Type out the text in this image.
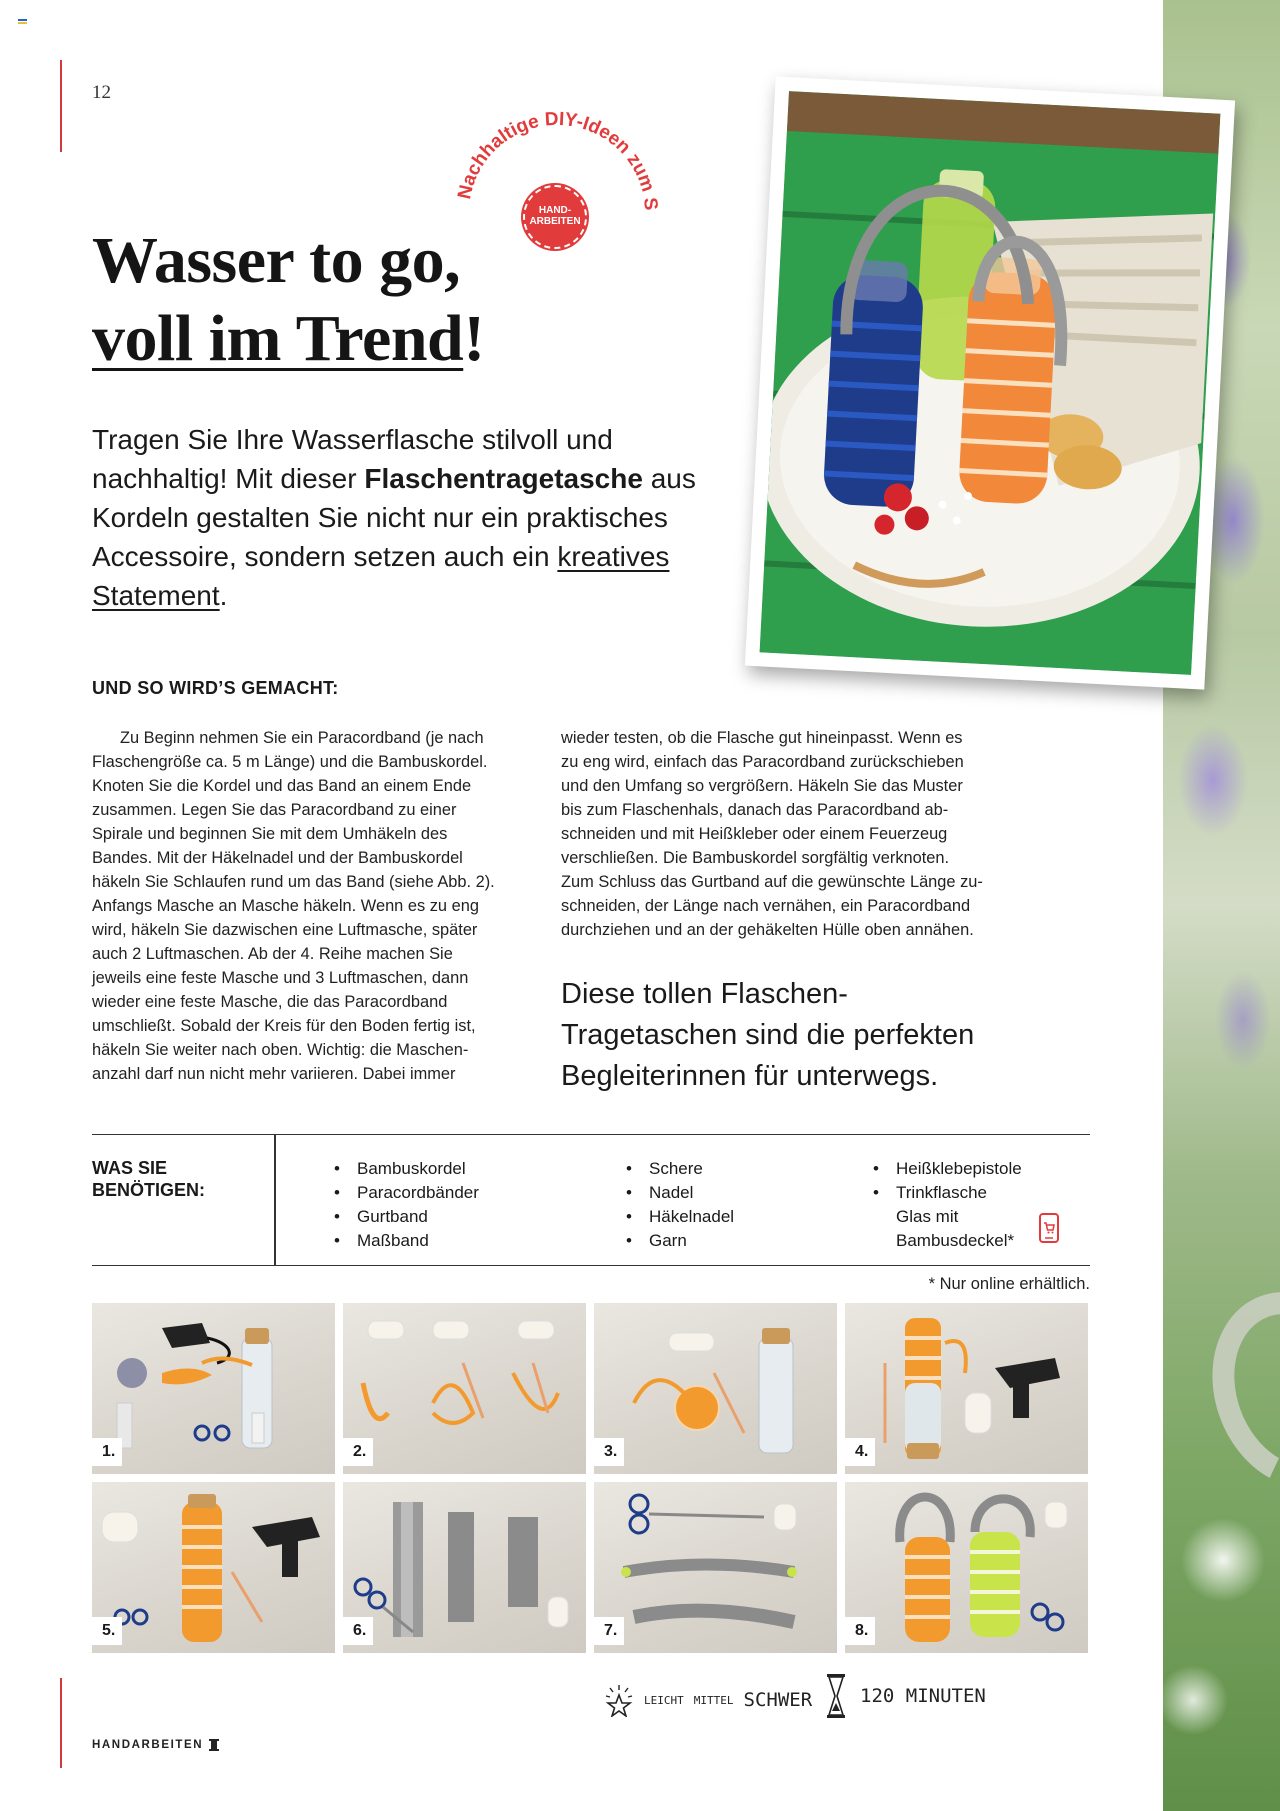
12
Nachhaltige DIY-Ideen zum S
HAND-
ARBEITEN
Wasser to go,
voll im Trend!

Tragen Sie Ihre Wasserflasche stilvoll und nachhaltig! Mit dieser Flaschentragetasche aus Kordeln gestalten Sie nicht nur ein praktisches Accessoire, sondern setzen auch ein kreatives Statement.

UND SO WIRD’S GEMACHT:
Zu Beginn nehmen Sie ein Paracordband (je nach
Flaschengröße ca. 5 m Länge) und die Bambuskordel.
Knoten Sie die Kordel und das Band an einem Ende
zusammen. Legen Sie das Paracordband zu einer
Spirale und beginnen Sie mit dem Umhäkeln des
Bandes. Mit der Häkelnadel und der Bambuskordel
häkeln Sie Schlaufen rund um das Band (siehe Abb. 2).
Anfangs Masche an Masche häkeln. Wenn es zu eng
wird, häkeln Sie dazwischen eine Luftmasche, später
auch 2 Luftmaschen. Ab der 4. Reihe machen Sie
jeweils eine feste Masche und 3 Luftmaschen, dann
wieder eine feste Masche, die das Paracordband
umschließt. Sobald der Kreis für den Boden fertig ist,
häkeln Sie weiter nach oben. Wichtig: die Maschen-
anzahl darf nun nicht mehr variieren. Dabei immer
wieder testen, ob die Flasche gut hineinpasst. Wenn es
zu eng wird, einfach das Paracordband zurückschieben
und den Umfang so vergrößern. Häkeln Sie das Muster
bis zum Flaschenhals, danach das Paracordband ab-
schneiden und mit Heißkleber oder einem Feuerzeug
verschließen. Die Bambuskordel sorgfältig verknoten.
Zum Schluss das Gurtband auf die gewünschte Länge zu-
schneiden, der Länge nach vernähen, ein Paracordband
durchziehen und an der gehäkelten Hülle oben annähen.
Diese tollen Flaschen-
Tragetaschen sind die perfekten
Begleiterinnen für unterwegs.
WAS SIE
BENÖTIGEN:
• Bambuskordel
• Paracordbänder
• Gurtband
• Maßband
• Schere
• Nadel
• Häkelnadel
• Garn
• Heißklebepistole
• Trinkflasche
Glas mit
Bambusdeckel*
* Nur online erhältlich.
1.	2.	3.	4.
5.	6.	7.	8.
LEICHT MITTEL SCHWER	120 MINUTEN
HANDARBEITEN
